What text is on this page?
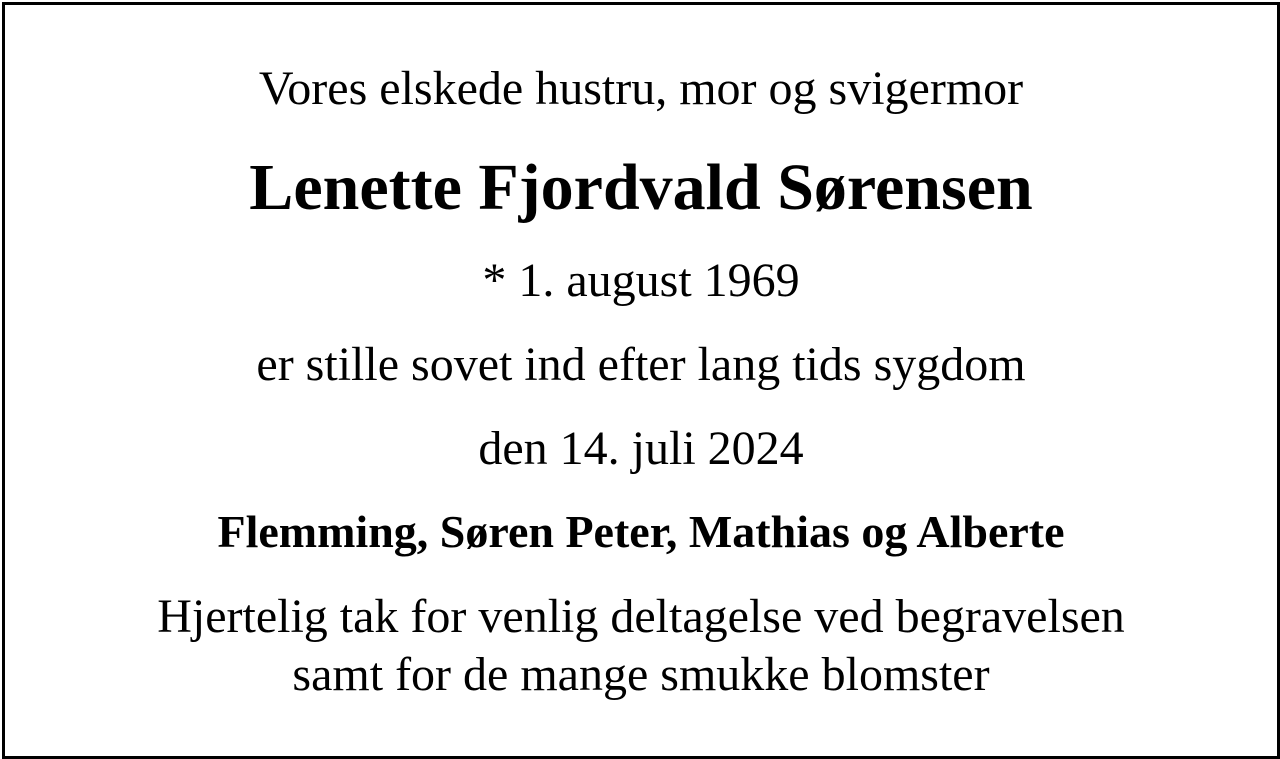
Vores elskede hustru, mor og svigermor
Lenette Fjordvald Sørensen
* 1. august 1969
er stille sovet ind efter lang tids sygdom
den 14. juli 2024
Flemming, Søren Peter, Mathias og Alberte
Hjertelig tak for venlig deltagelse ved begravelsen
samt for de mange smukke blomster
